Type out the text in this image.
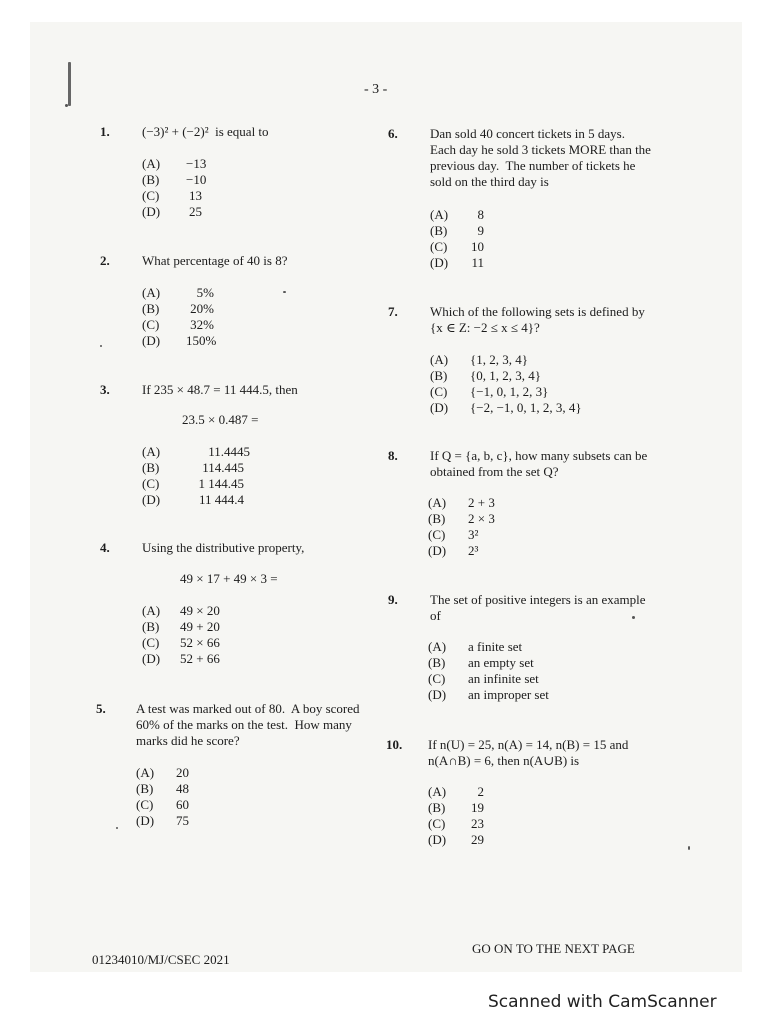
- 3 -
1. (−3)² + (−2)²  is equal to
(A) −13
(B) −10
(C) 13
(D) 25
2. What percentage of 40 is 8?
(A)	5%
(B) 20%
(C) 32%
(D) 150%
3. If 235 × 48.7 = 11 444.5, then
23.5 × 0.487 =
(A)	11.4445
(B)	114.445
(C)	1 144.45
(D)	11 444.4
4. Using the distributive property,
49 × 17 + 49 × 3 =
(A) 49 × 20
(B) 49 + 20
(C) 52 × 66
(D) 52 + 66
5. A test was marked out of 80.  A boy scored
60% of the marks on the test.  How many
marks did he score?
(A) 20
(B) 48
(C) 60
(D) 75
6. Dan sold 40 concert tickets in 5 days.
Each day he sold 3 tickets MORE than the
previous day.  The number of tickets he
sold on the third day is
(A) 8
(B) 9
(C) 10
(D) 11
7. Which of the following sets is defined by
{x ∈ Z: −2 ≤ x ≤ 4}?
(A) {1, 2, 3, 4}
(B) {0, 1, 2, 3, 4}
(C) {−1, 0, 1, 2, 3}
(D) {−2, −1, 0, 1, 2, 3, 4}
8. If Q = {a, b, c}, how many subsets can be
obtained from the set Q?
(A) 2 + 3
(B) 2 × 3
(C) 3²
(D) 2³
9. The set of positive integers is an example
of
(A) a finite set
(B) an empty set
(C) an infinite set
(D) an improper set
10. If n(U) = 25, n(A) = 14, n(B) = 15 and
n(A∩B) = 6, then n(A∪B) is
(A) 2
(B) 19
(C) 23
(D) 29
01234010/MJ/CSEC 2021
GO ON TO THE NEXT PAGE
Scanned with CamScanner
